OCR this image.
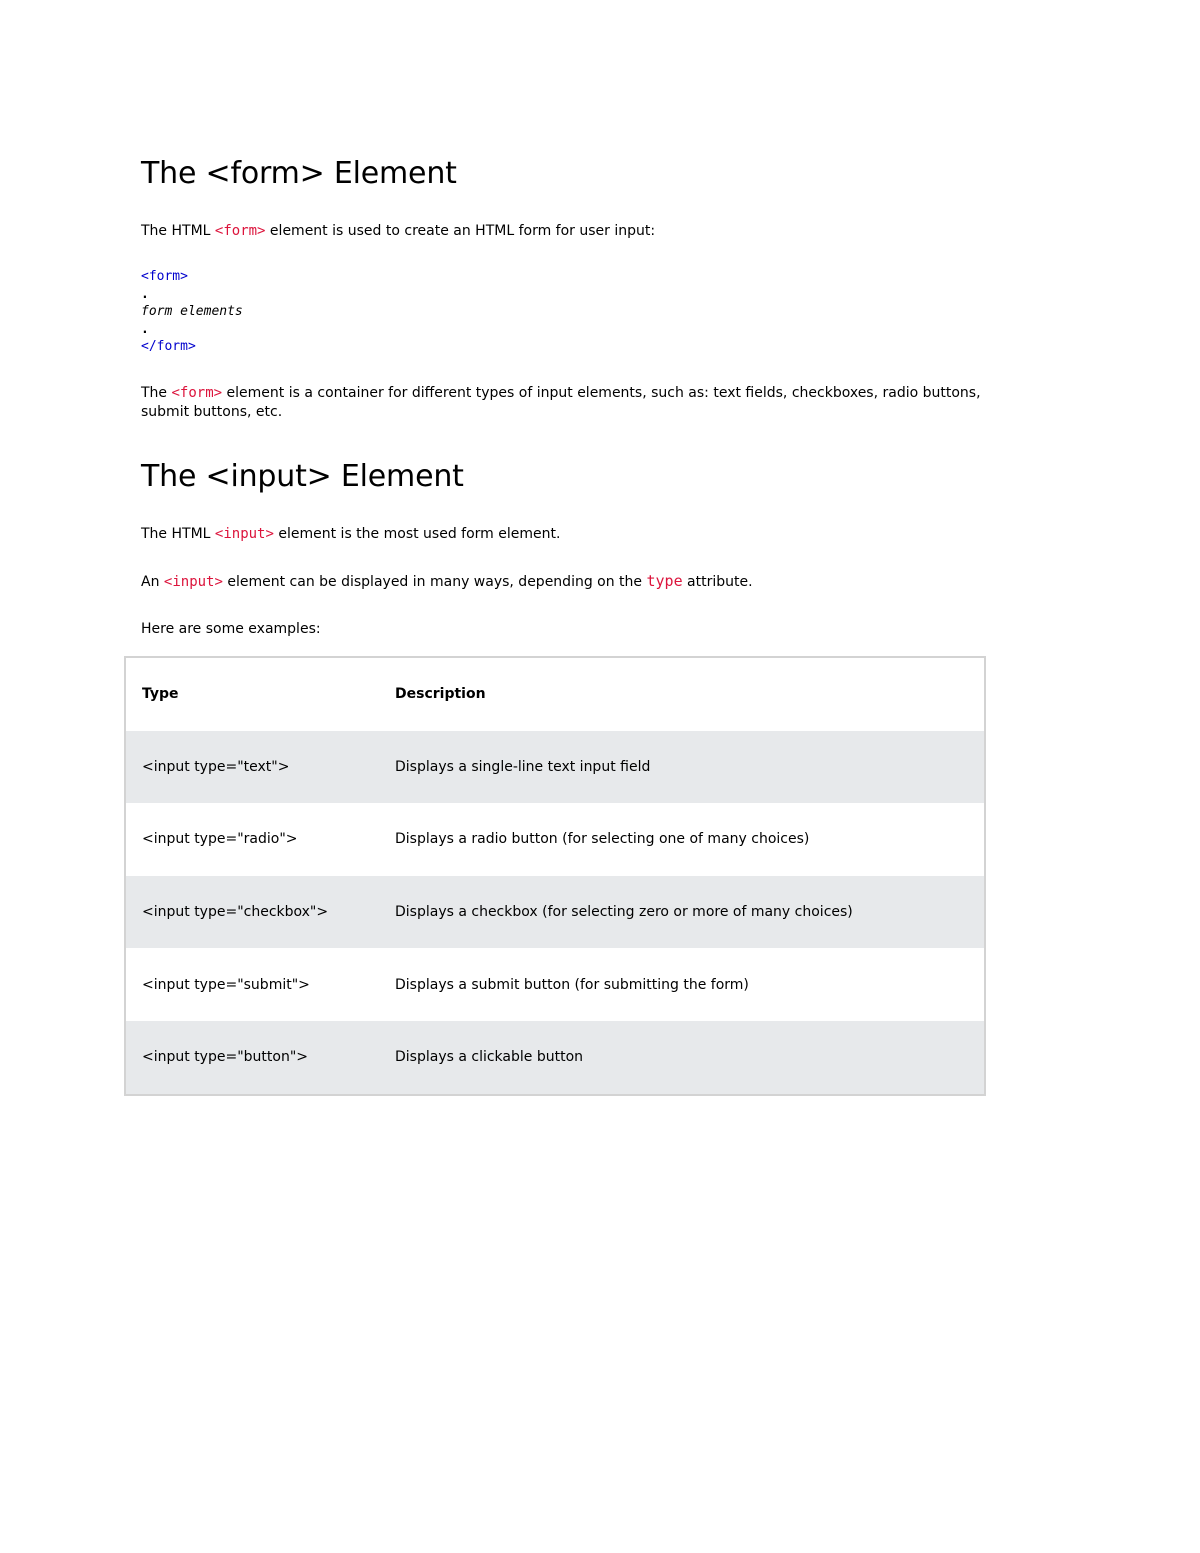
The <form> Element

The HTML <form> element is used to create an HTML form for user input:

<form>
.
form elements
.
</form>

The <form> element is a container for different types of input elements, such as: text fields, checkboxes, radio buttons,
submit buttons, etc.

The <input> Element

The HTML <input> element is the most used form element.

An <input> element can be displayed in many ways, depending on the type attribute.

Here are some examples:

Type	Description
<input type="text">	Displays a single-line text input field
<input type="radio">	Displays a radio button (for selecting one of many choices)
<input type="checkbox">	Displays a checkbox (for selecting zero or more of many choices)
<input type="submit">	Displays a submit button (for submitting the form)
<input type="button">	Displays a clickable button
